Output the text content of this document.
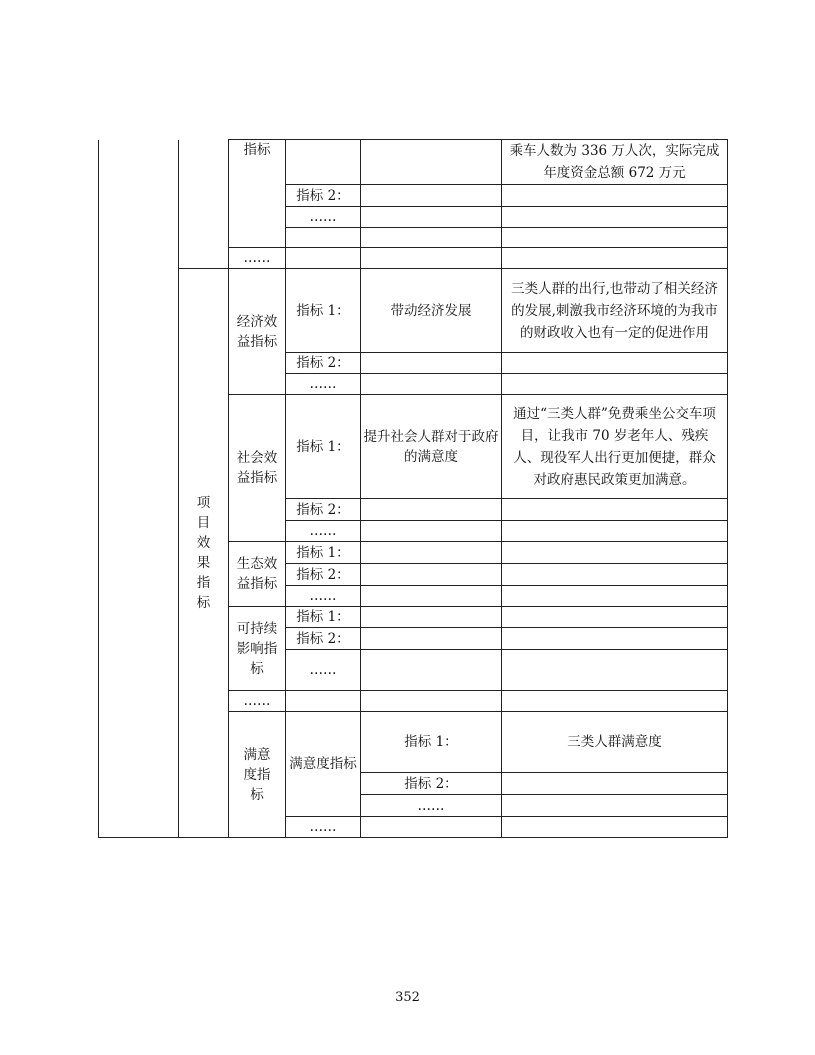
		指标			乘车人数为 336 万人次，实际完成年度资金总额 672 万元	
			指标 2：			
			……			

		……				
	项目效果指标	经济效益指标	指标 1：	带动经济发展	三类人群的出行,也带动了相关经济的发展,刺激我市经济环境的为我市的财政收入也有一定的促进作用	
			指标 2：			
			……			
		社会效益指标	指标 1：	提升社会人群对于政府的满意度	通过“三类人群”免费乘坐公交车项目，让我市 70 岁老年人、残疾人、现役军人出行更加便捷，群众对政府惠民政策更加满意。	
			指标 2：			
			……			
		生态效益指标	指标 1：			
			指标 2：			
			……			
		可持续影响指标	指标 1：			
			指标 2：			
			……			
		……				
		满意度指标	满意度指标	指标 1：	三类人群满意度	
				指标 2：		
				……		
			……			
352
